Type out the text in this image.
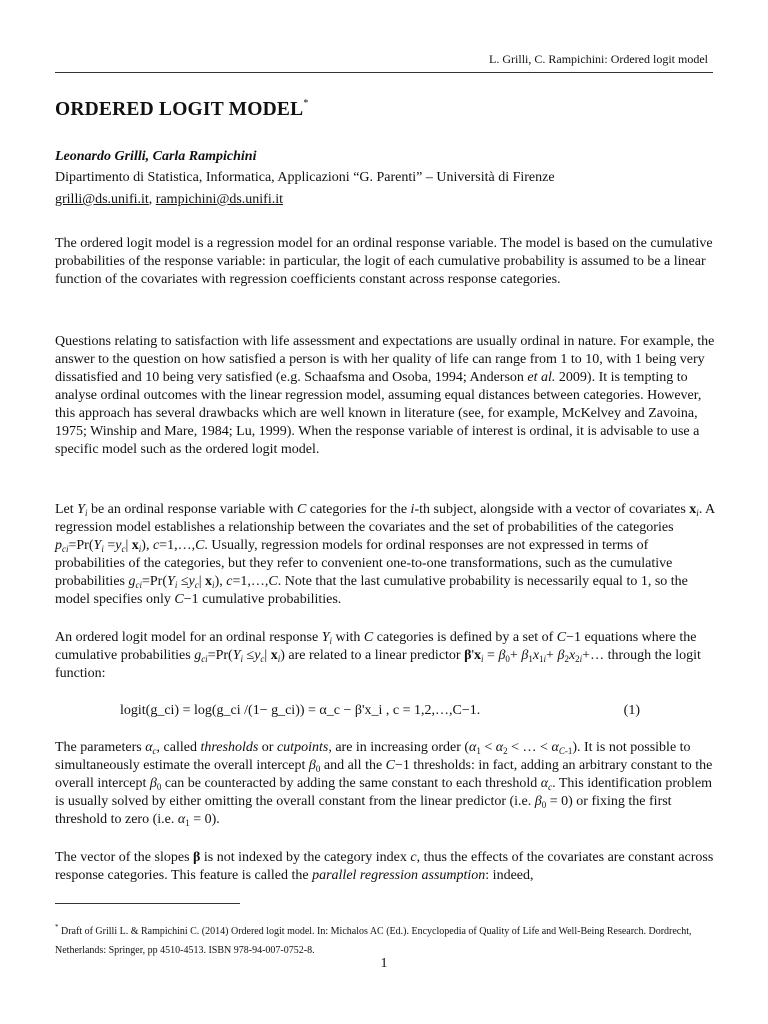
L. Grilli, C. Rampichini: Ordered logit model
ORDERED LOGIT MODEL*
Leonardo Grilli, Carla Rampichini
Dipartimento di Statistica, Informatica, Applicazioni “G. Parenti” – Università di Firenze
grilli@ds.unifi.it, rampichini@ds.unifi.it

The ordered logit model is a regression model for an ordinal response variable. The model is based on the cumulative probabilities of the response variable: in particular, the logit of each cumulative probability is assumed to be a linear function of the covariates with regression coefficients constant across response categories.

Questions relating to satisfaction with life assessment and expectations are usually ordinal in nature. For example, the answer to the question on how satisfied a person is with her quality of life can range from 1 to 10, with 1 being very dissatisfied and 10 being very satisfied (e.g. Schaafsma and Osoba, 1994; Anderson et al. 2009). It is tempting to analyse ordinal outcomes with the linear regression model, assuming equal distances between categories. However, this approach has several drawbacks which are well known in literature (see, for example, McKelvey and Zavoina, 1975; Winship and Mare, 1984; Lu, 1999). When the response variable of interest is ordinal, it is advisable to use a specific model such as the ordered logit model.

Let $Y_i$ be an ordinal response variable with C categories for the i-th subject, alongside with a vector of covariates $x_i$. A regression model establishes a relationship between the covariates and the set of probabilities of the categories $p_{ci}=Pr(Y_i =y_c|$ $x_i$), c=1,…,C. Usually, regression models for ordinal responses are not expressed in terms of probabilities of the categories, but they refer to convenient one-to-one transformations, such as the cumulative probabilities $g_{ci}=Pr(Y_i \le y_c|$ $x_i$), c=1,…,C. Note that the last cumulative probability is necessarily equal to 1, so the model specifies only C−1 cumulative probabilities.

An ordered logit model for an ordinal response $Y_i$ with C categories is defined by a set of C−1 equations where the cumulative probabilities $g_{ci}=Pr(Y_i \le y_c|$ $x_i$) are related to a linear predictor $\beta'x_i = \beta_0+ \beta_1x_{1i}+$ $\beta_2x_{2i}+\dots$ through the logit function:

logit(g_ci) = log(g_ci /(1− g_ci)) = α_c − β'x_i , c = 1,2,…,C−1.	(1)

The parameters $\alpha_c$, called thresholds or cutpoints, are in increasing order ($\alpha_1 < \alpha_2$ < … < $\alpha_{C-1}$). It is not possible to simultaneously estimate the overall intercept $\beta_0$ and all the C−1 thresholds: in fact, adding an arbitrary constant to the overall intercept $\beta_0$ can be counteracted by adding the same constant to each threshold $\alpha_c$. This identification problem is usually solved by either omitting the overall constant from the linear predictor (i.e. $\beta_0 = 0$) or fixing the first threshold to zero (i.e. $\alpha_1 = 0$).

The vector of the slopes β is not indexed by the category index c, thus the effects of the covariates are constant across response categories. This feature is called the parallel regression assumption: indeed,

* Draft of Grilli L. & Rampichini C. (2014) Ordered logit model. In: Michalos AC (Ed.). Encyclopedia of Quality of Life and Well-Being Research. Dordrecht, Netherlands: Springer, pp 4510-4513. ISBN 978-94-007-0752-8.
1
